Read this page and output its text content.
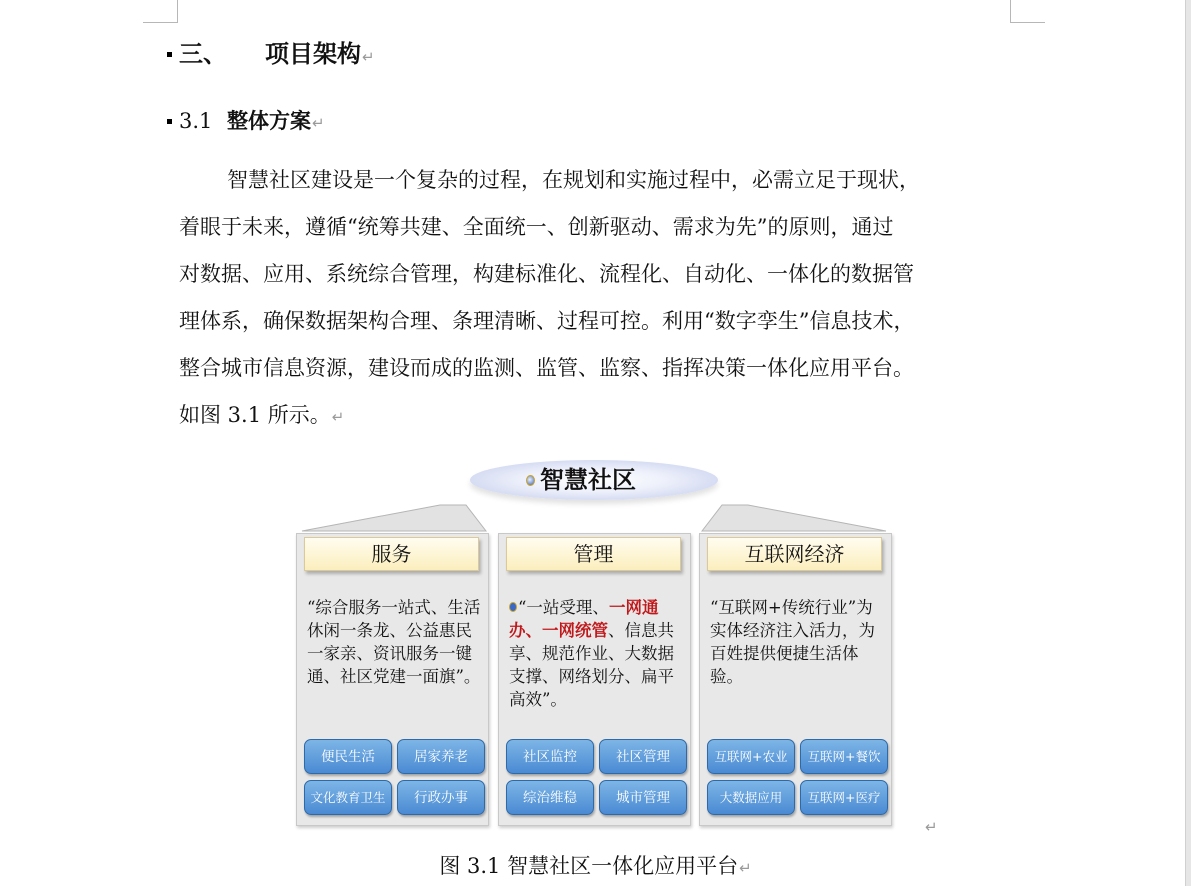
三、 项目架构↵
3.1 整体方案↵

智慧社区建设是一个复杂的过程，在规划和实施过程中，必需立足于现状，

着眼于未来，遵循“统筹共建、全面统一、创新驱动、需求为先”的原则，通过

对数据、应用、系统综合管理，构建标准化、流程化、自动化、一体化的数据管

理体系，确保数据架构合理、条理清晰、过程可控。利用“数字孪生”信息技术，

整合城市信息资源，建设而成的监测、监管、监察、指挥决策一体化应用平台。

如图 3.1 所示。↵

智慧社区
服务
“综合服务一站式、生活休闲一条龙、公益惠民一家亲、资讯服务一键通、社区党建一面旗”。
便民生活	居家养老
文化教育卫生	行政办事
管理
“一站受理、一网通办、一网统管、信息共享、规范作业、大数据支撑、网络划分、扁平高效”。
社区监控	社区管理
综治维稳	城市管理
互联网经济
“互联网+传统行业”为实体经济注入活力，为百姓提供便捷生活体验。
互联网+农业	互联网+餐饮
大数据应用	互联网+医疗
↵
图 3.1 智慧社区一体化应用平台↵
